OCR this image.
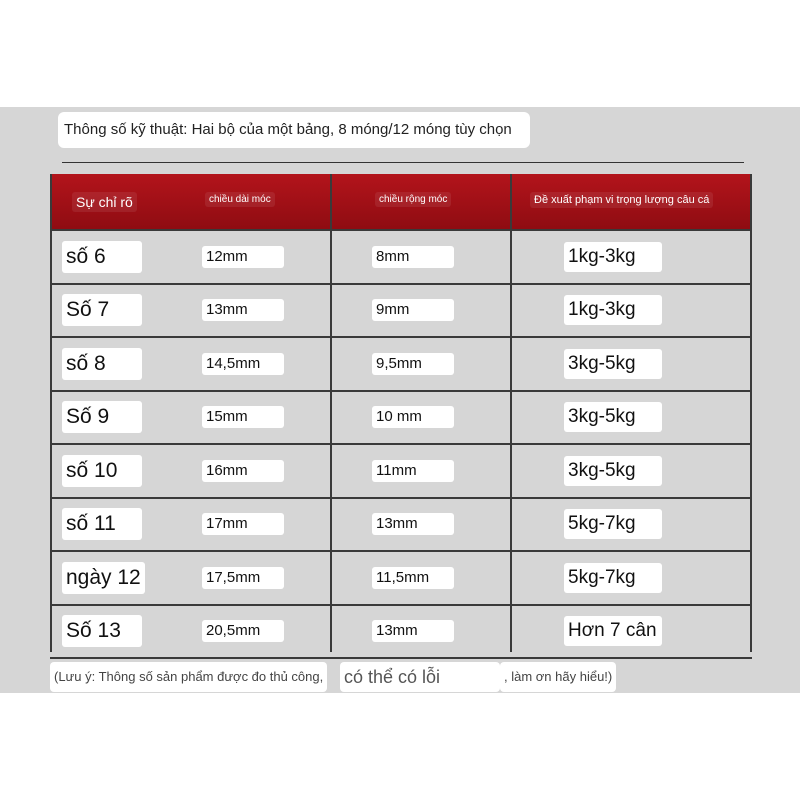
Thông số kỹ thuật: Hai bộ của một bảng, 8 móng/12 móng tùy chọn
Sự chỉ rõ	chiều dài móc	chiều rộng móc	Đề xuất phạm vi trọng lượng câu cá
số 6	12mm	8mm	1kg-3kg
Số 7	13mm	9mm	1kg-3kg
số 8	14,5mm	9,5mm	3kg-5kg
Số 9	15mm	10 mm	3kg-5kg
số 10	16mm	11mm	3kg-5kg
số 11	17mm	13mm	5kg-7kg
ngày 12	17,5mm	11,5mm	5kg-7kg
Số 13	20,5mm	13mm	Hơn 7 cân
(Lưu ý: Thông số sản phẩm được đo thủ công, có thể có lỗi	, làm ơn hãy hiểu!)
